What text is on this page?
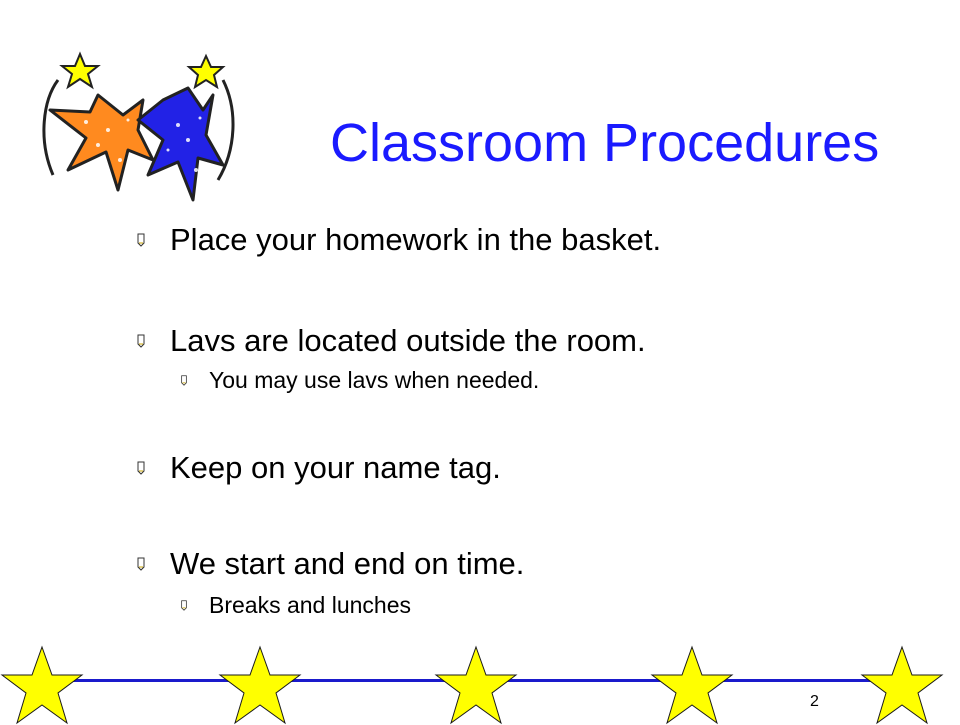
Classroom Procedures
Place your homework in the basket.
Lavs are located outside the room.
You may use lavs when needed.
Keep on your name tag.
We start and end on time.
Breaks and lunches
2
